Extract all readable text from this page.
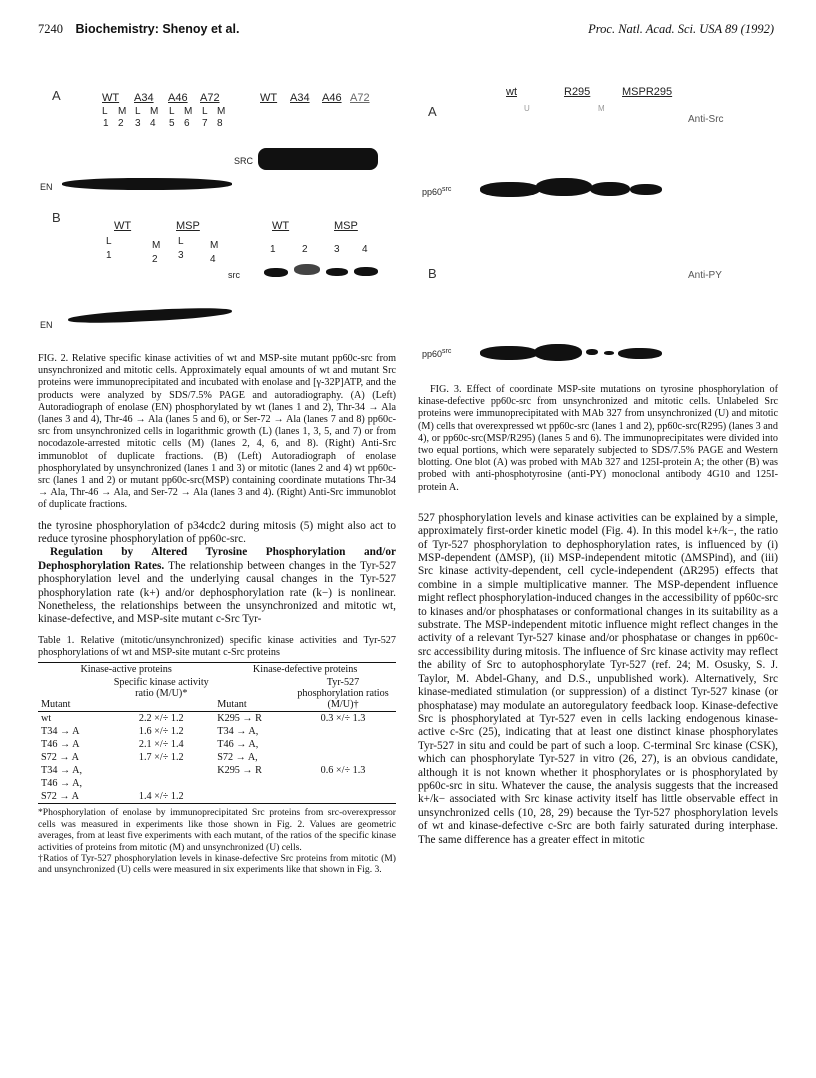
7240 Biochemistry: Shenoy et al.	Proc. Natl. Acad. Sci. USA 89 (1992)
A	WT A34 A46 A72
L M L M L M L M
1 2 3 4 5 6 7 8
WT A34 A46 A72
EN
SRC
B
WT	MSP	WT	MSP
L	M L	M
1	2 3	4
1	2	3 4
src
EN

FIG. 2. Relative specific kinase activities of wt and MSP-site mutant pp60c-src from unsynchronized and mitotic cells. Approximately equal amounts of wt and mutant Src proteins were immunoprecipitated and incubated with enolase and [γ-32P]ATP, and the products were analyzed by SDS/7.5% PAGE and autoradiography. (A) (Left) Autoradiograph of enolase (EN) phosphorylated by wt (lanes 1 and 2), Thr-34 → Ala (lanes 3 and 4), Thr-46 → Ala (lanes 5 and 6), or Ser-72 → Ala (lanes 7 and 8) pp60c-src from unsynchronized cells in logarithmic growth (L) (lanes 1, 3, 5, and 7) or from nocodazole-arrested mitotic cells (M) (lanes 2, 4, 6, and 8). (Right) Anti-Src immunoblot of duplicate fractions. (B) (Left) Autoradiograph of enolase phosphorylated by unsynchronized (lanes 1 and 3) or mitotic (lanes 2 and 4) wt pp60c-src (lanes 1 and 2) or mutant pp60c-src(MSP) containing coordinate mutations Thr-34 → Ala, Thr-46 → Ala, and Ser-72 → Ala (lanes 3 and 4). (Right) Anti-Src immunoblot of duplicate fractions.

the tyrosine phosphorylation of p34cdc2 during mitosis (5) might also act to reduce tyrosine phosphorylation of pp60c-src.

Regulation by Altered Tyrosine Phosphorylation and/or Dephosphorylation Rates. The relationship between changes in the Tyr-527 phosphorylation level and the underlying causal changes in the Tyr-527 phosphorylation rate (k+) and/or dephosphorylation rate (k−) is nonlinear. Nonetheless, the relationships between the unsynchronized and mitotic wt, kinase-defective, and MSP-site mutant c-Src Tyr-

Table 1. Relative (mitotic/unsynchronized) specific kinase activities and Tyr-527 phosphorylations of wt and MSP-site mutant c-Src proteins

Kinase-active proteins		Kinase-defective proteins	
Mutant	Specific kinase activity ratio (M/U)*	Mutant	Tyr-527 phosphorylation ratios (M/U)†
wt	2.2 ×/÷ 1.2	K295 → R	0.3 ×/÷ 1.3
T34 → A	1.6 ×/÷ 1.2	T34 → A,	
T46 → A	2.1 ×/÷ 1.4	T46 → A,	
S72 → A	1.7 ×/÷ 1.2	S72 → A,	
T34 → A,		K295 → R	0.6 ×/÷ 1.3
T46 → A,			
S72 → A	1.4 ×/÷ 1.2		

*Phosphorylation of enolase by immunoprecipitated Src proteins from src-overexpressor cells was measured in experiments like those shown in Fig. 2. Values are geometric averages, from at least five experiments with each mutant, of the ratios of the specific kinase activities of proteins from mitotic (M) and unsynchronized (U) cells.

†Ratios of Tyr-527 phosphorylation levels in kinase-defective Src proteins from mitotic (M) and unsynchronized (U) cells were measured in six experiments like that shown in Fig. 3.

A
wt	R295	MSPR295
U	M
Anti-Src
$pp60^{src}$
B	Anti-PY
$pp60^{src}$

FIG. 3. Effect of coordinate MSP-site mutations on tyrosine phosphorylation of kinase-defective pp60c-src from unsynchronized and mitotic cells. Unlabeled Src proteins were immunoprecipitated with MAb 327 from unsynchronized (U) and mitotic (M) cells that overexpressed wt pp60c-src (lanes 1 and 2), pp60c-src(R295) (lanes 3 and 4), or pp60c-src(MSP/R295) (lanes 5 and 6). The immunoprecipitates were divided into two equal portions, which were separately subjected to SDS/7.5% PAGE and Western blotting. One blot (A) was probed with MAb 327 and 125I-protein A; the other (B) was probed with anti-phosphotyrosine (anti-PY) monoclonal antibody 4G10 and 125I-protein A.

527 phosphorylation levels and kinase activities can be explained by a simple, approximately first-order kinetic model (Fig. 4). In this model k+/k−, the ratio of Tyr-527 phosphorylation to dephosphorylation rates, is influenced by (i) MSP-dependent (ΔMSP), (ii) MSP-independent mitotic (ΔMSPind), and (iii) Src kinase activity-dependent, cell cycle-independent (ΔR295) effects that combine in a simple multiplicative manner. The MSP-dependent influence might reflect phosphorylation-induced changes in the accessibility of pp60c-src to kinases and/or phosphatases or conformational changes in its suitability as a substrate. The MSP-independent mitotic influence might reflect changes in the activity of a relevant Tyr-527 kinase and/or phosphatase or changes in pp60c-src accessibility during mitosis. The influence of Src kinase activity may reflect the ability of Src to autophosphorylate Tyr-527 (ref. 24; M. Osusky, S. J. Taylor, M. Abdel-Ghany, and D.S., unpublished work). Alternatively, Src kinase-mediated stimulation (or suppression) of a distinct Tyr-527 kinase (or phosphatase) may modulate an autoregulatory feedback loop. Kinase-defective Src is phosphorylated at Tyr-527 even in cells lacking endogenous kinase-active c-Src (25), indicating that at least one distinct kinase phosphorylates Tyr-527 in situ and could be part of such a loop. C-terminal Src kinase (CSK), which can phosphorylate Tyr-527 in vitro (26, 27), is an obvious candidate, although it is not known whether it phosphorylates or is phosphorylated by pp60c-src in situ. Whatever the cause, the analysis suggests that the increased k+/k− associated with Src kinase activity itself has little observable effect in unsynchronized cells (10, 28, 29) because the Tyr-527 phosphorylation levels of wt and kinase-defective c-Src are both fairly saturated during interphase. The same difference has a greater effect in mitotic
